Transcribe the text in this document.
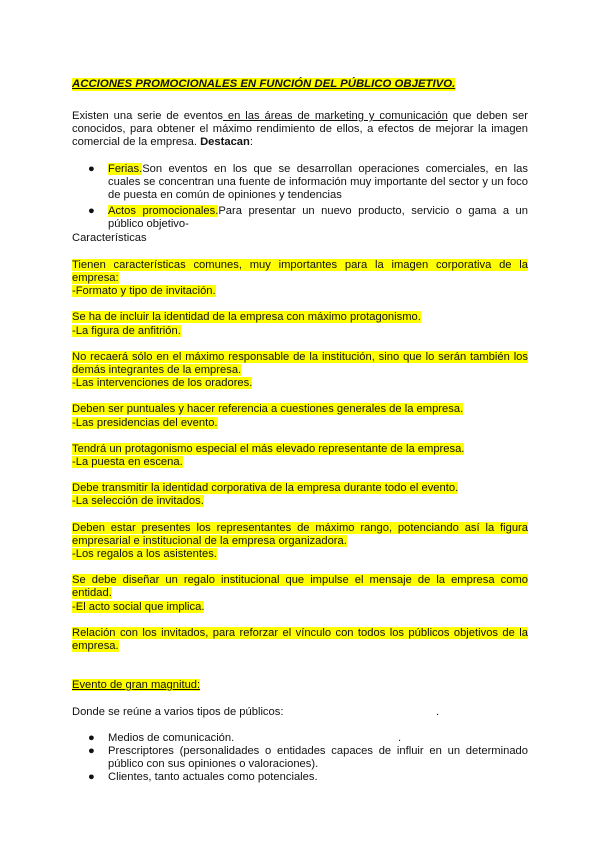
ACCIONES PROMOCIONALES EN FUNCIÓN DEL PÚBLICO OBJETIVO.

Existen una serie de eventos en las áreas de marketing y comunicación que deben ser conocidos, para obtener el máximo rendimiento de ellos, a efectos de mejorar la imagen comercial de la empresa. Destacan:

● Ferias.Son eventos en los que se desarrollan operaciones comerciales, en las cuales se concentran una fuente de información muy importante del sector y un foco de puesta en común de opiniones y tendencias
● Actos promocionales.Para presentar un nuevo producto, servicio o gama a un público objetivo-

Características

Tienen características comunes, muy importantes para la imagen corporativa de la empresa:

-Formato y tipo de invitación.

Se ha de incluir la identidad de la empresa con máximo protagonismo.

-La figura de anfitrión.

No recaerá sólo en el máximo responsable de la institución, sino que lo serán también los demás integrantes de la empresa.

-Las intervenciones de los oradores.

Deben ser puntuales y hacer referencia a cuestiones generales de la empresa.

-Las presidencias del evento.

Tendrá un protagonismo especial el más elevado representante de la empresa.

-La puesta en escena.

Debe transmitir la identidad corporativa de la empresa durante todo el evento.

-La selección de invitados.

Deben estar presentes los representantes de máximo rango, potenciando así la figura empresarial e institucional de la empresa organizadora.

-Los regalos a los asistentes.

Se debe diseñar un regalo institucional que impulse el mensaje de la empresa como entidad.

-El acto social que implica.

Relación con los invitados, para reforzar el vínculo con todos los públicos objetivos de la empresa.

Evento de gran magnitud:

Donde se reúne a varios tipos de públicos:	.

● Medios de comunicación.	.
● Prescriptores (personalidades o entidades capaces de influir en un determinado público con sus opiniones o valoraciones).
● Clientes, tanto actuales como potenciales.
